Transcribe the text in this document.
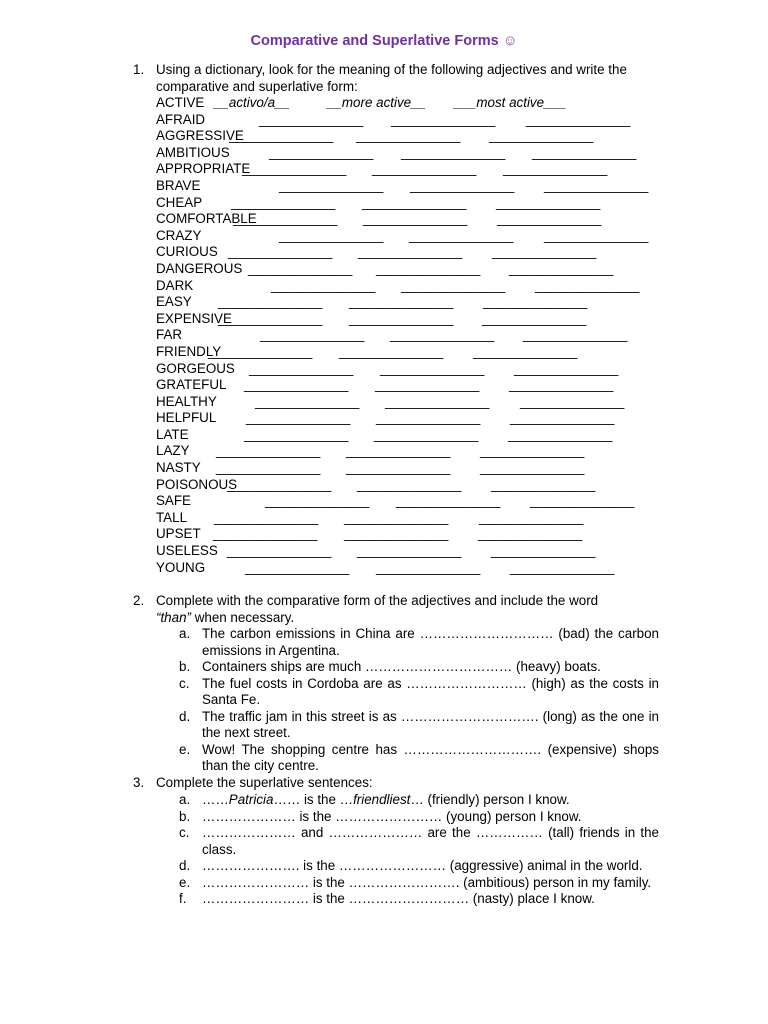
Comparative and Superlative Forms ☺
1. Using a dictionary, look for the meaning of the following adjectives and write the comparative and superlative form:
ACTIVE __activo/a__	__more active__ ___most active___
AFRAID	______________ ______________ ______________
AGGRESSIVE
______________ ______________ ______________
AMBITIOUS	______________ ______________ ______________
APPROPRIATE
______________ ______________ ______________
BRAVE	______________ ______________ ______________
CHEAP ______________ ______________ ______________
COMFORTABLE
______________ ______________ ______________
CRAZY	______________ ______________ ______________
CURIOUS ______________ ______________ ______________
DANGEROUS ______________ ______________ ______________
DARK	______________ ______________ ______________
EASY ______________ ______________ ______________
EXPENSIVE
______________ ______________ ______________
FAR	______________ ______________ ______________
FRIENDLY
______________ ______________ ______________
GORGEOUS ______________ ______________ ______________
GRATEFUL ______________ ______________ ______________
HEALTHY	______________ ______________ ______________
HELPFUL ______________ ______________ ______________
LATE	______________ ______________ ______________
LAZY ______________ ______________ ______________
NASTY ______________ ______________ ______________
POISONOUS
______________ ______________ ______________
SAFE	______________ ______________ ______________
TALL ______________ ______________ ______________
UPSET ______________ ______________ ______________
USELESS ______________ ______________ ______________
YOUNG	______________ ______________ ______________
2. Complete with the comparative form of the adjectives and include the word
“than” when necessary.
a. The carbon emissions in China are ………………………… (bad) the carbon emissions in Argentina.
b. Containers ships are much …………………………… (heavy) boats.
c. The fuel costs in Cordoba are as ……………………… (high) as the costs in Santa Fe.
d. The traffic jam in this street is as …………………………. (long) as the one in the next street.
e. Wow! The shopping centre has …………………………. (expensive) shops than the city centre.
3. Complete the superlative sentences:
a. ……Patricia…… is the …friendliest… (friendly) person I know.
b. ………………… is the …………………… (young) person I know.
c. ………………… and ………………… are the …………… (tall) friends in the class.
d. …………………. is the …………………… (aggressive) animal in the world.
e. …………………… is the ……………………. (ambitious) person in my family.
f. …………………… is the ……………………… (nasty) place I know.
